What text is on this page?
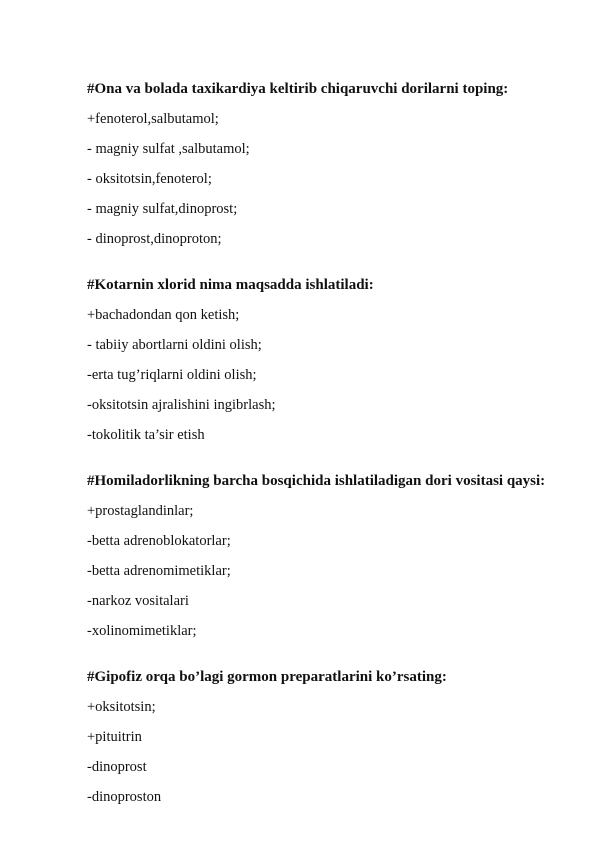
#Ona va bolada taxikardiya keltirib chiqaruvchi dorilarni toping:

+fenoterol,salbutamol;

- magniy sulfat ,salbutamol;

- oksitotsin,fenoterol;

- magniy sulfat,dinoprost;

- dinoprost,dinoproton;

#Kotarnin xlorid nima maqsadda ishlatiladi:

+bachadondan qon ketish;

- tabiiy abortlarni oldini olish;

-erta tug’riqlarni oldini olish;

-oksitotsin ajralishini ingibrlash;

-tokolitik ta’sir etish

#Homiladorlikning barcha bosqichida ishlatiladigan dori vositasi qaysi:

+prostaglandinlar;

-betta adrenoblokatorlar;

-betta adrenomimetiklar;

-narkoz vositalari

-xolinomimetiklar;

#Gipofiz orqa bo’lagi gormon preparatlarini ko’rsating:

+oksitotsin;

+pituitrin

-dinoprost

-dinoproston
